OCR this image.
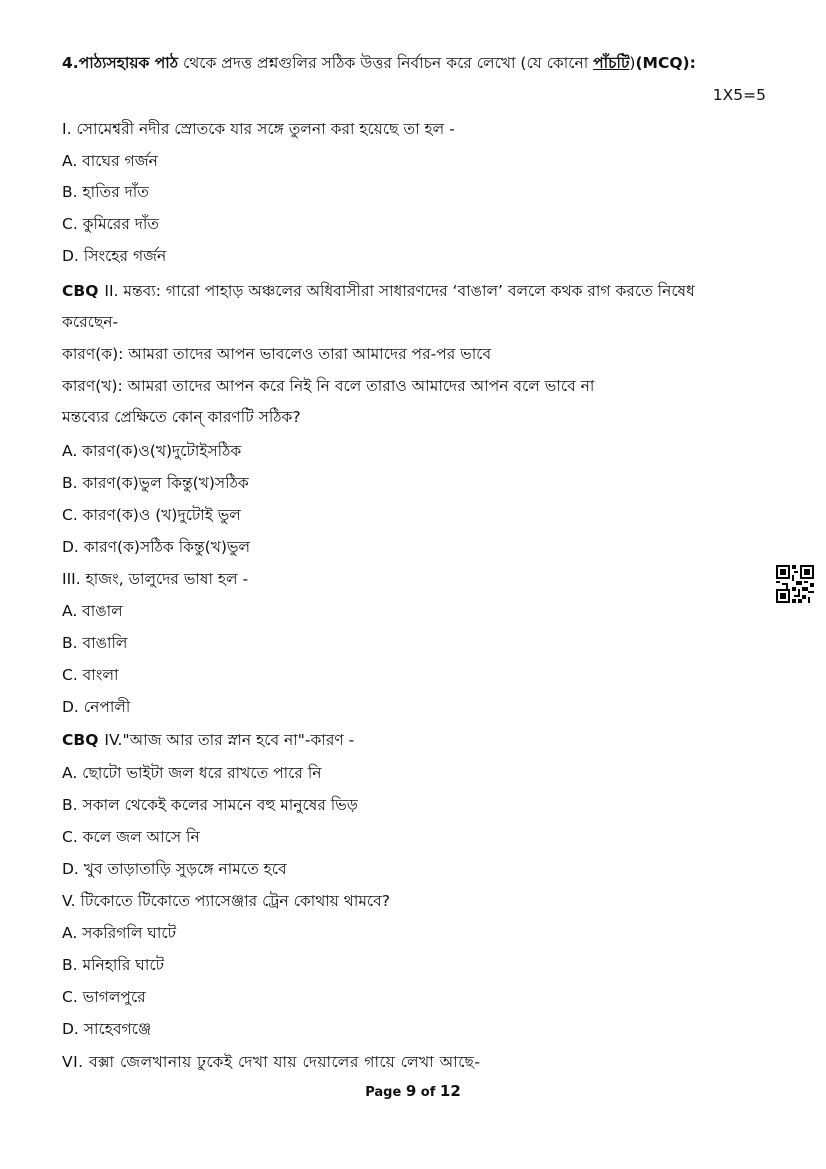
4.পাঠ্যসহায়ক পাঠ থেকে প্রদত্ত প্রশ্নগুলির সঠিক উত্তর নির্বাচন করে লেখো (যে কোনো পাঁচটি)(MCQ):
1X5=5
I. সোমেশ্বরী নদীর স্রোতকে যার সঙ্গে তুলনা করা হয়েছে তা হল -
A. বাঘের গর্জন
B. হাতির দাঁত
C. কুমিরের দাঁত
D. সিংহের গর্জন
CBQ II. মন্তব্য: গারো পাহাড় অঞ্চলের অধিবাসীরা সাধারণদের ‘বাঙাল’ বললে কথক রাগ করতে নিষেধ
করেছেন-
কারণ(ক): আমরা তাদের আপন ভাবলেও তারা আমাদের পর-পর ভাবে
কারণ(খ): আমরা তাদের আপন করে নিই নি বলে তারাও আমাদের আপন বলে ভাবে না
মন্তব্যের প্রেক্ষিতে কোন্ কারণটি সঠিক?
A. কারণ(ক)ও(খ)দুটোইসঠিক
B. কারণ(ক)ভুল কিন্তু(খ)সঠিক
C. কারণ(ক)ও (খ)দুটোই ভুল
D. কারণ(ক)সঠিক কিন্তু(খ)ভুল
III. হাজং, ডালুদের ভাষা হল -
A. বাঙাল
B. বাঙালি
C. বাংলা
D. নেপালী
CBQ IV."আজ আর তার স্নান হবে না"-কারণ -
A. ছোটো ভাইটা জল ধরে রাখতে পারে নি
B. সকাল থেকেই কলের সামনে বহু মানুষের ভিড়
C. কলে জল আসে নি
D. খুব তাড়াতাড়ি সুড়ঙ্গে নামতে হবে
V. টিকোতে টিকোতে প্যাসেঞ্জার ট্রেন কোথায় থামবে?
A. সকরিগলি ঘাটে
B. মনিহারি ঘাটে
C. ভাগলপুরে
D. সাহেবগঞ্জে
VI. বক্সা জেলখানায় ঢুকেই দেখা যায় দেয়ালের গায়ে লেখা আছে-
Page 9 of 12
